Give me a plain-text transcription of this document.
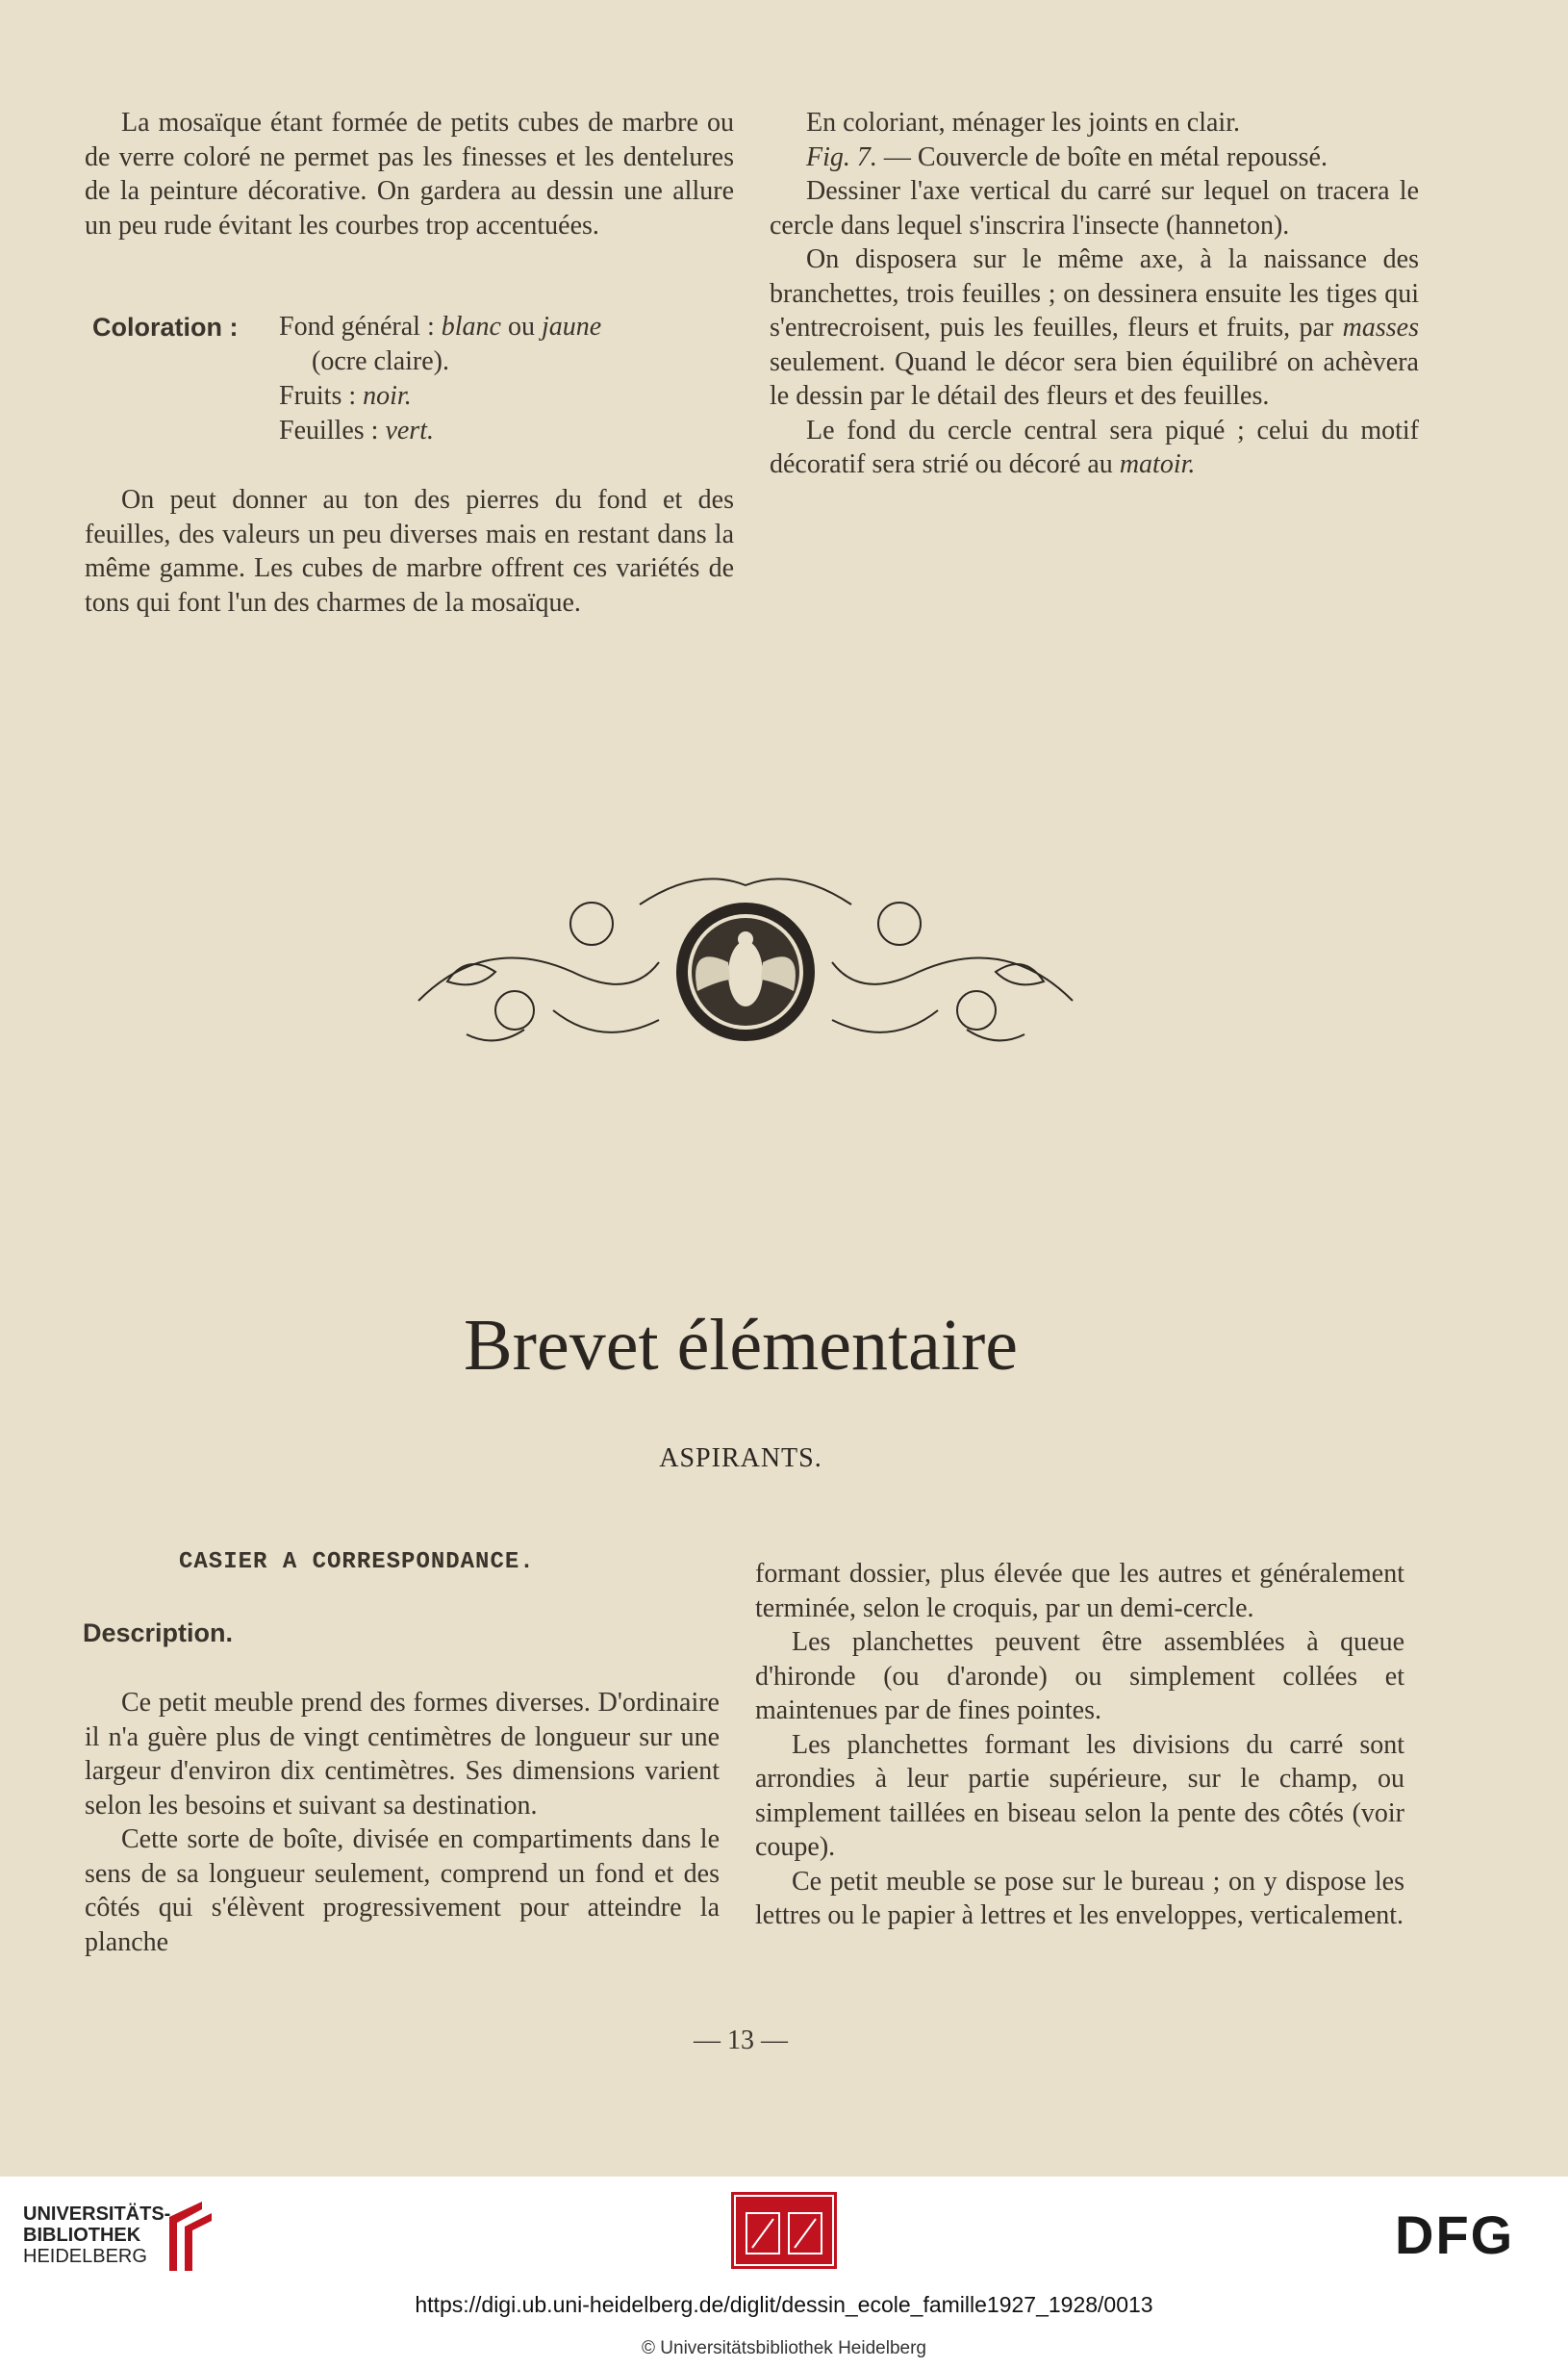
La mosaïque étant formée de petits cubes de marbre ou de verre coloré ne permet pas les finesses et les dentelures de la peinture décorative. On gardera au dessin une allure un peu rude évitant les courbes trop accentuées.

Coloration : Fond général : blanc ou jaune
(ocre claire).
Fruits : noir.
Feuilles : vert.

On peut donner au ton des pierres du fond et des feuilles, des valeurs un peu diverses mais en restant dans la même gamme. Les cubes de marbre offrent ces variétés de tons qui font l'un des charmes de la mosaïque.

En coloriant, ménager les joints en clair.

Fig. 7. — Couvercle de boîte en métal repoussé.

Dessiner l'axe vertical du carré sur lequel on tracera le cercle dans lequel s'inscrira l'insecte (hanneton).

On disposera sur le même axe, à la naissance des branchettes, trois feuilles ; on dessinera ensuite les tiges qui s'entrecroisent, puis les feuilles, fleurs et fruits, par masses seulement. Quand le décor sera bien équilibré on achèvera le dessin par le détail des fleurs et des feuilles.

Le fond du cercle central sera piqué ; celui du motif décoratif sera strié ou décoré au matoir.

Brevet élémentaire
ASPIRANTS.
CASIER A CORRESPONDANCE.
Description.

Ce petit meuble prend des formes diverses. D'ordinaire il n'a guère plus de vingt centimètres de longueur sur une largeur d'environ dix centimètres. Ses dimensions varient selon les besoins et suivant sa destination.

Cette sorte de boîte, divisée en compartiments dans le sens de sa longueur seulement, comprend un fond et des côtés qui s'élèvent progressivement pour atteindre la planche

formant dossier, plus élevée que les autres et généralement terminée, selon le croquis, par un demi-cercle.

Les planchettes peuvent être assemblées à queue d'hironde (ou d'aronde) ou simplement collées et maintenues par de fines pointes.

Les planchettes formant les divisions du carré sont arrondies à leur partie supérieure, sur le champ, ou simplement taillées en biseau selon la pente des côtés (voir coupe).

Ce petit meuble se pose sur le bureau ; on y dispose les lettres ou le papier à lettres et les enveloppes, verticalement.

— 13 —
UNIVERSITÄTS-
BIBLIOTHEK
HEIDELBERG	DFG
https://digi.ub.uni-heidelberg.de/diglit/dessin_ecole_famille1927_1928/0013
© Universitätsbibliothek Heidelberg
